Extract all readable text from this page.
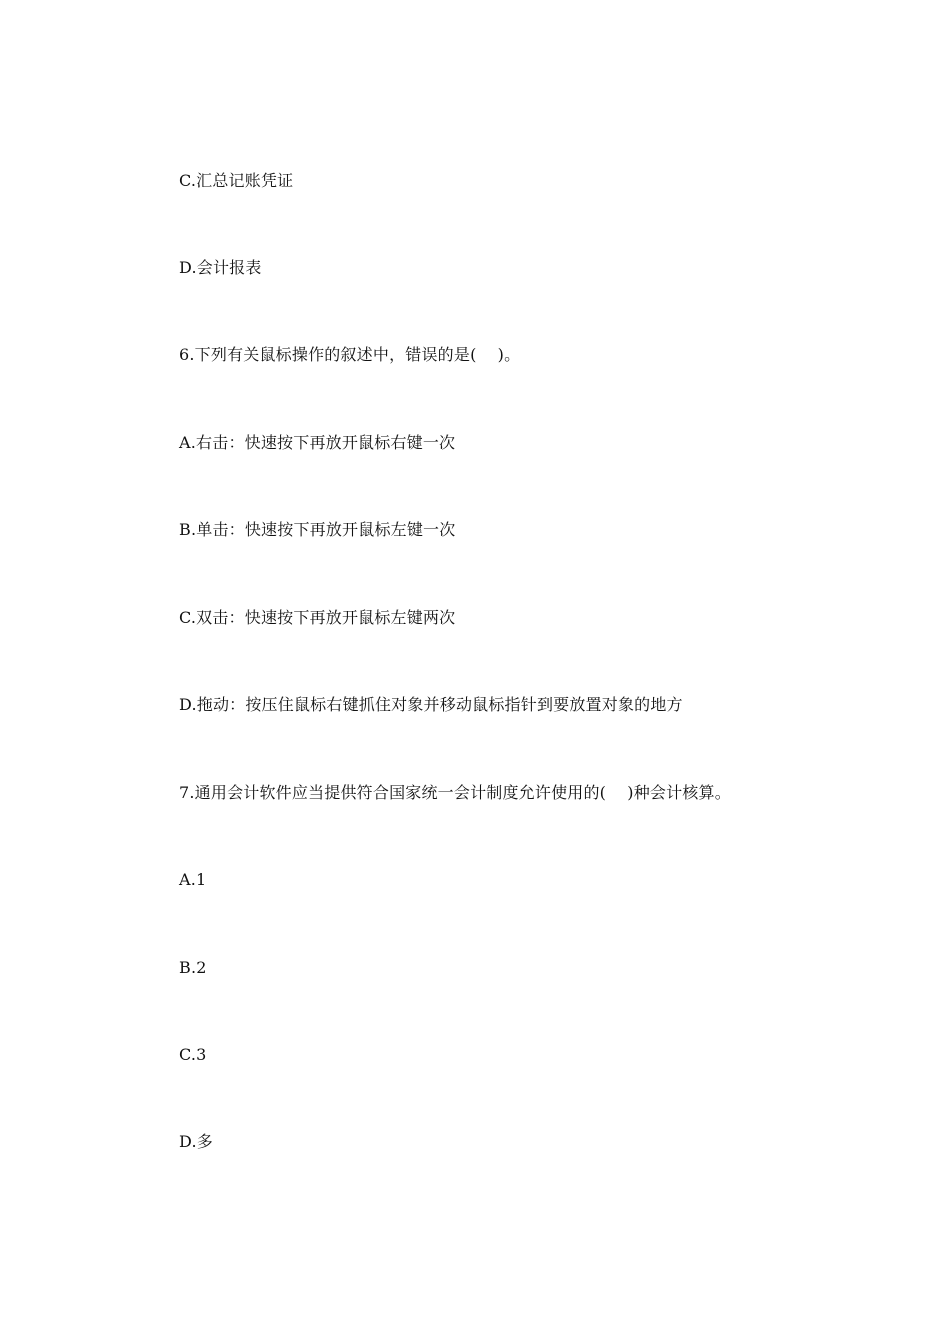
C.汇总记账凭证
D.会计报表
6.下列有关鼠标操作的叙述中，错误的是(    )。
A.右击：快速按下再放开鼠标右键一次
B.单击：快速按下再放开鼠标左键一次
C.双击：快速按下再放开鼠标左键两次
D.拖动：按压住鼠标右键抓住对象并移动鼠标指针到要放置对象的地方
7.通用会计软件应当提供符合国家统一会计制度允许使用的(    )种会计核算。
A.1
B.2
C.3
D.多
